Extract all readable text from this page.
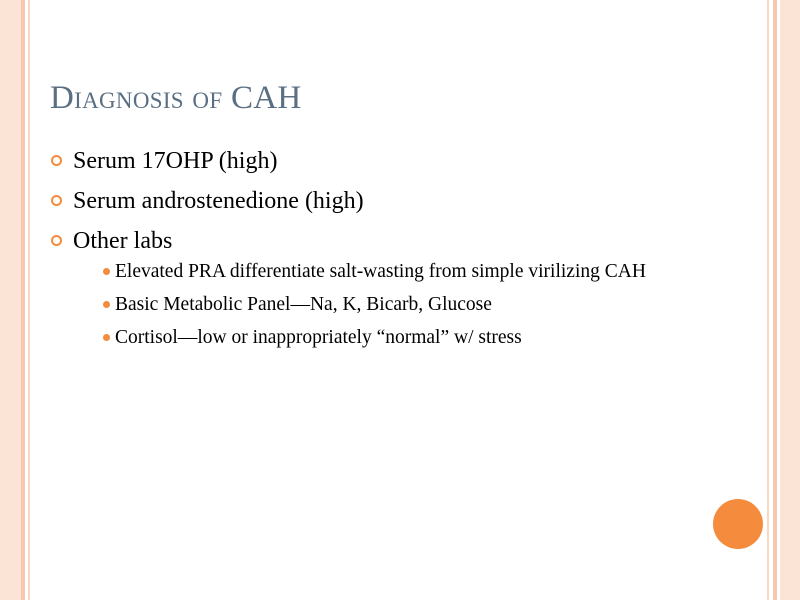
Diagnosis of CAH
Serum 17OHP (high)
Serum androstenedione (high)
Other labs
Elevated PRA differentiate salt-wasting from simple virilizing CAH
Basic Metabolic Panel—Na, K, Bicarb, Glucose
Cortisol—low or inappropriately “normal” w/ stress
